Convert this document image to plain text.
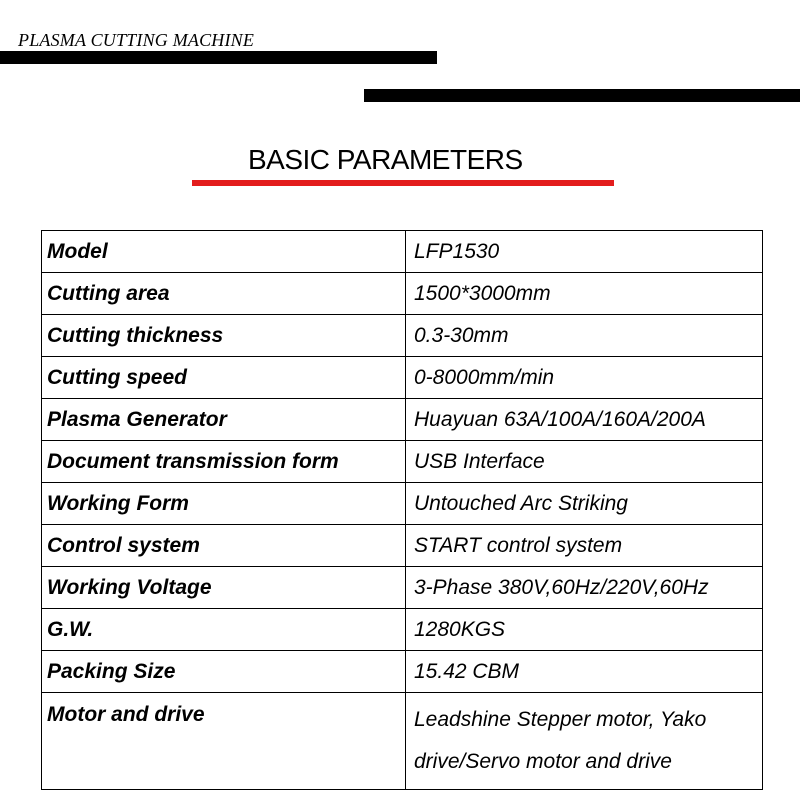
PLASMA CUTTING MACHINE
BASIC PARAMETERS
Model	LFP1530
Cutting area	1500*3000mm
Cutting thickness	0.3-30mm
Cutting speed	0-8000mm/min
Plasma Generator	Huayuan 63A/100A/160A/200A
Document transmission form	USB Interface
Working Form	Untouched Arc Striking
Control system	START control system
Working Voltage	3-Phase 380V,60Hz/220V,60Hz
G.W.	1280KGS
Packing Size	15.42 CBM
Motor and drive	Leadshine Stepper motor, Yako drive/Servo motor and drive
